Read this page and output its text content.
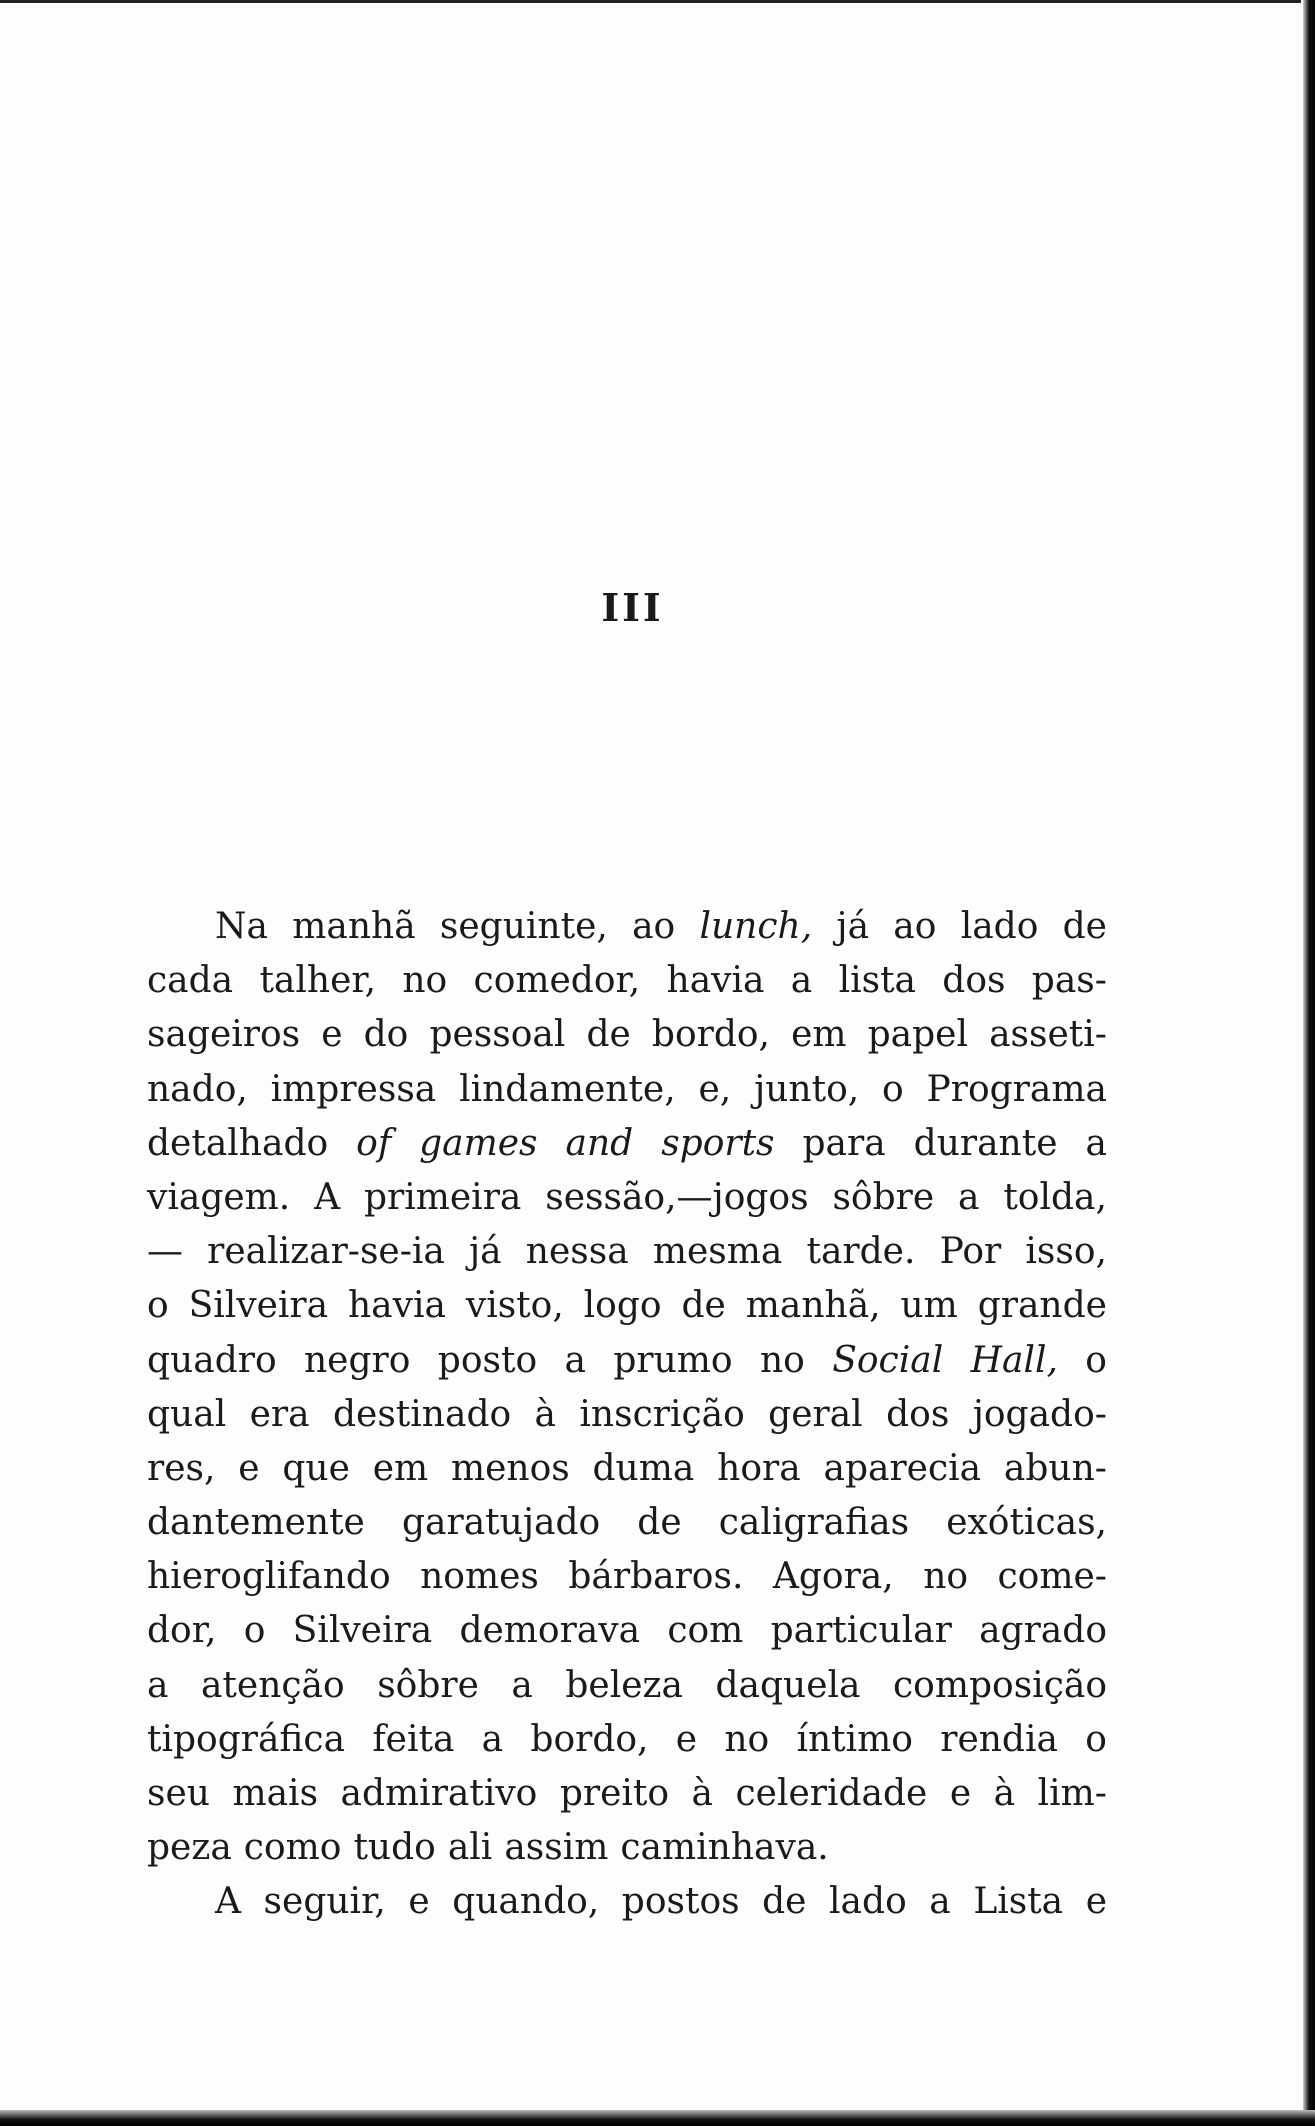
III
Na manhã seguinte, ao lunch, já ao lado de
cada talher, no comedor, havia a lista dos pas-
sageiros e do pessoal de bordo, em papel asseti-
nado, impressa lindamente, e, junto, o Programa
detalhado of games and sports para durante a
viagem. A primeira sessão,—jogos sôbre a tolda,
— realizar-se-ia já nessa mesma tarde. Por isso,
o Silveira havia visto, logo de manhã, um grande
quadro negro posto a prumo no Social Hall, o
qual era destinado à inscrição geral dos jogado-
res, e que em menos duma hora aparecia abun-
dantemente garatujado de caligrafias exóticas,
hieroglifando nomes bárbaros. Agora, no come-
dor, o Silveira demorava com particular agrado
a atenção sôbre a beleza daquela composição
tipográfica feita a bordo, e no íntimo rendia o
seu mais admirativo preito à celeridade e à lim-
peza como tudo ali assim caminhava.
A seguir, e quando, postos de lado a Lista e
